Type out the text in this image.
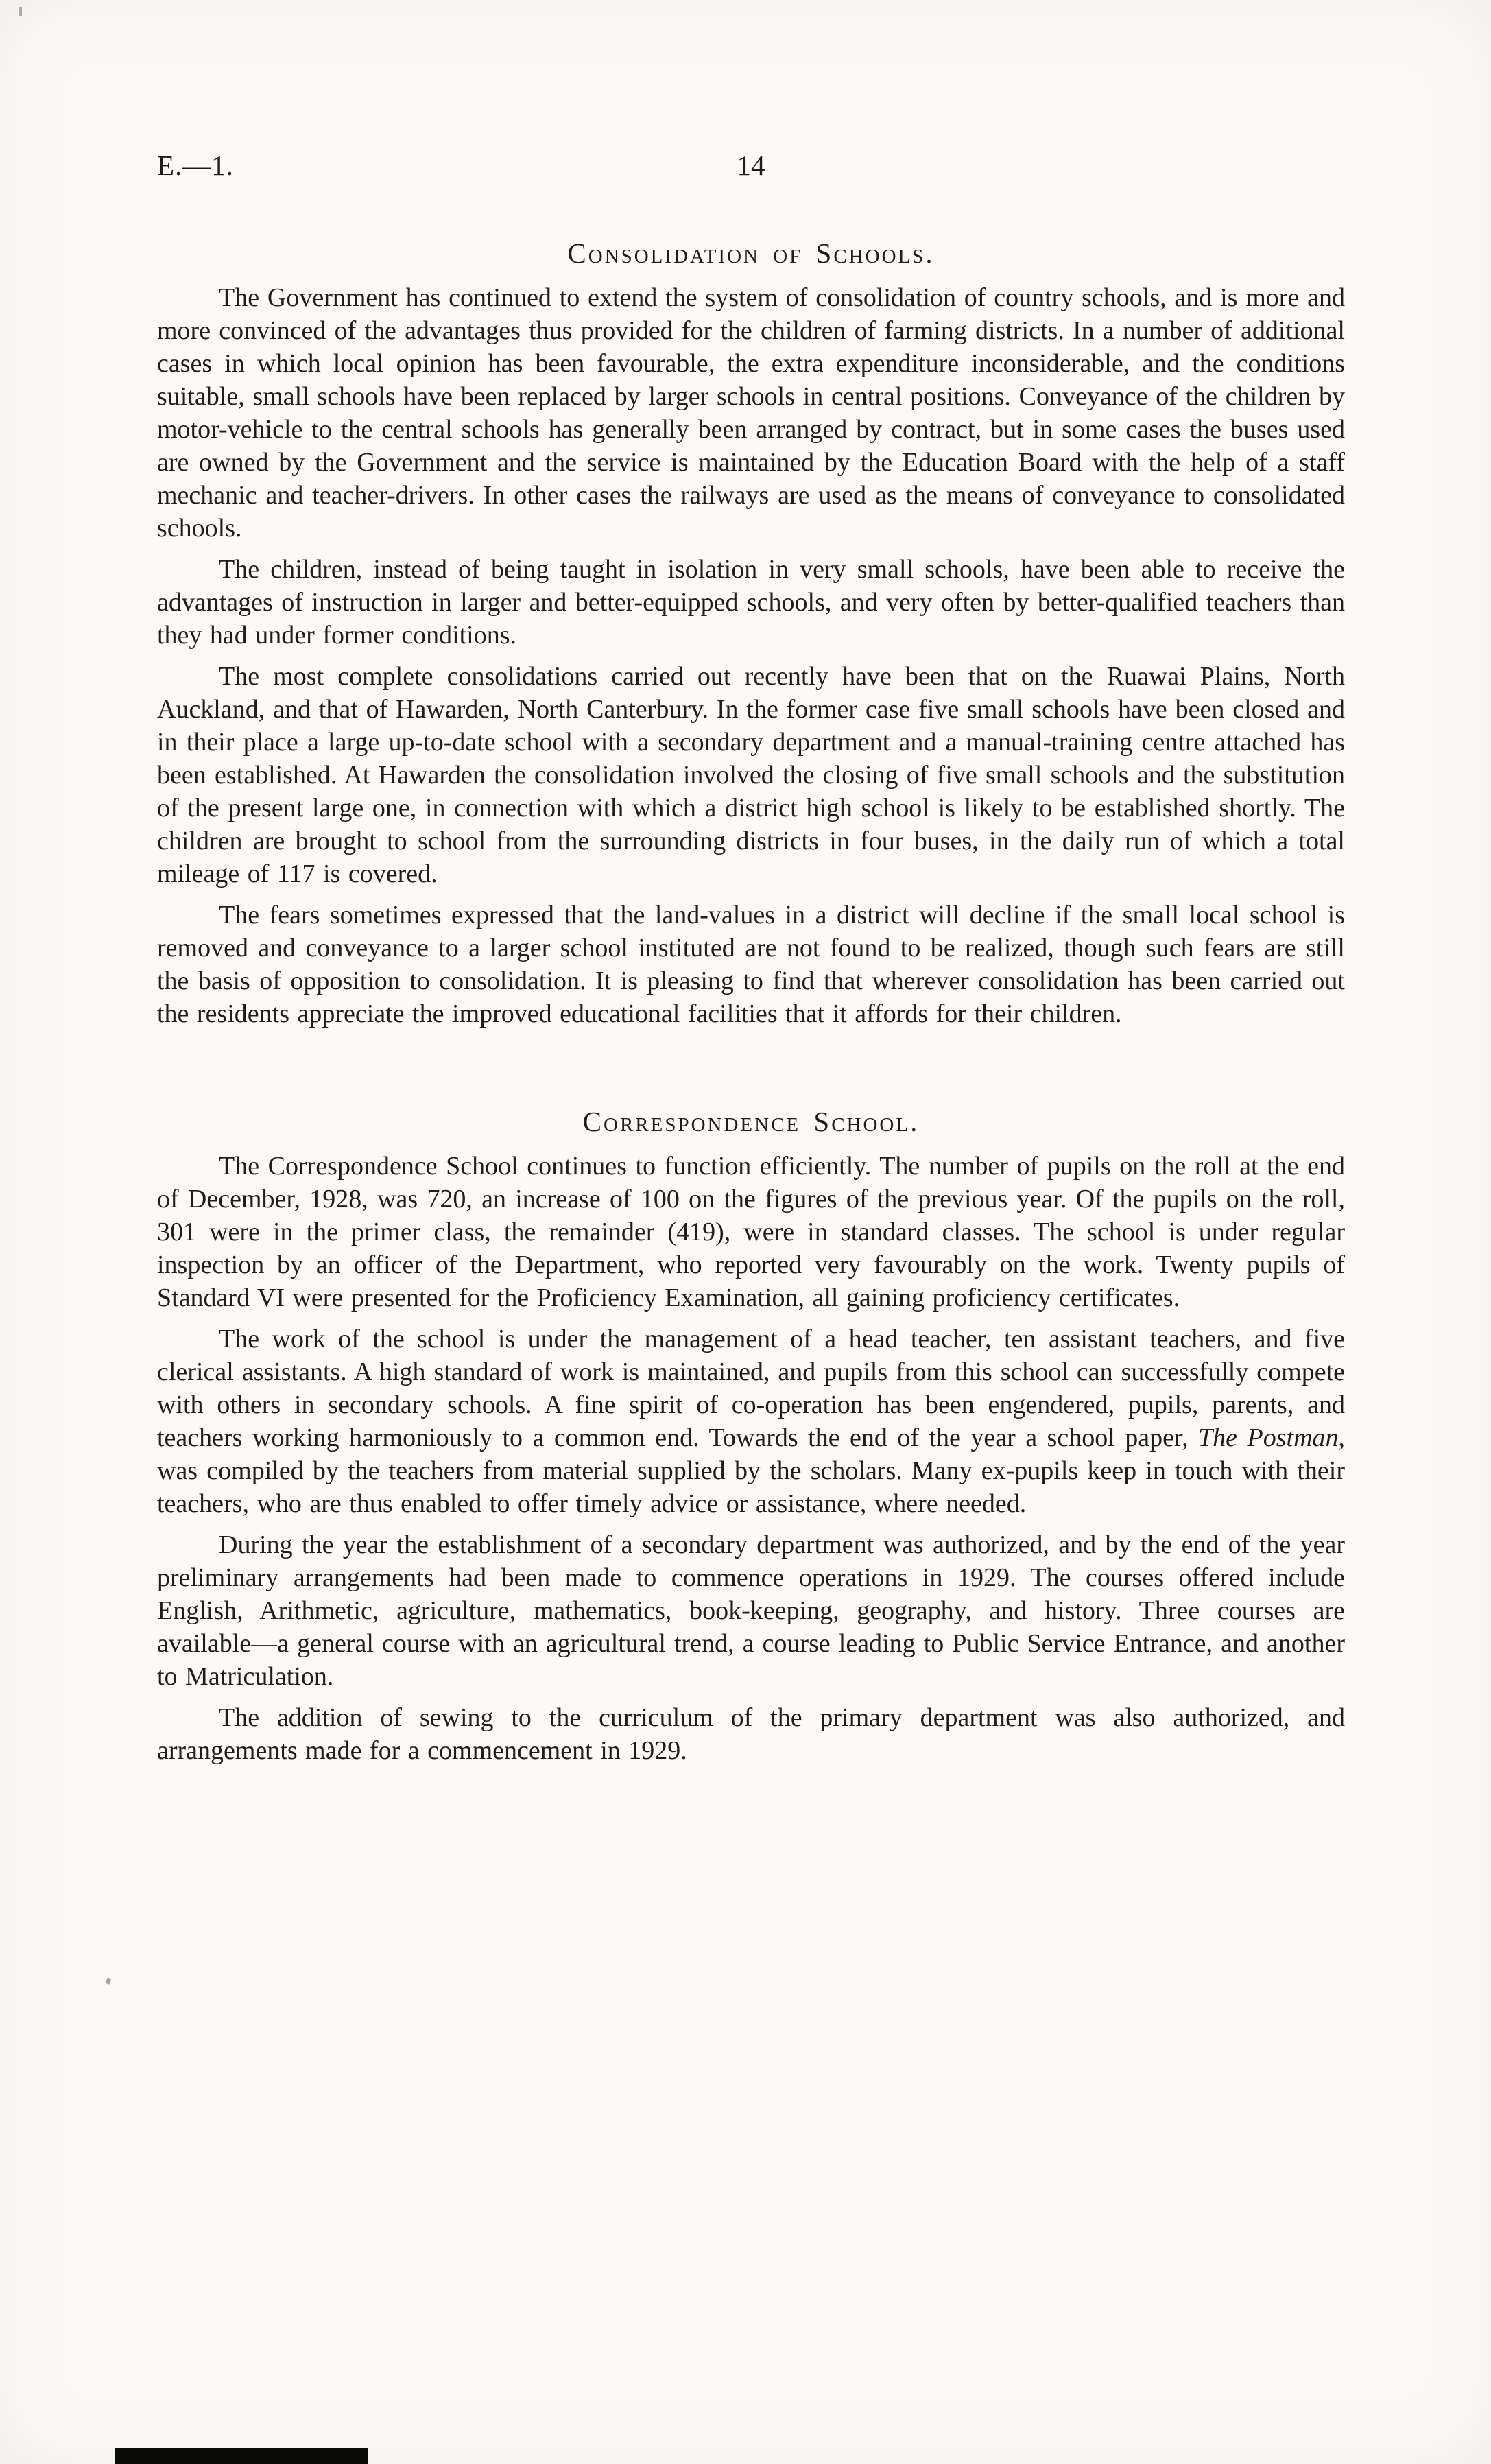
E.—1.	14
Consolidation of Schools.

The Government has continued to extend the system of consolidation of country schools, and is more and more convinced of the advantages thus provided for the children of farming districts. In a number of additional cases in which local opinion has been favourable, the extra expenditure inconsiderable, and the conditions suitable, small schools have been replaced by larger schools in central positions. Conveyance of the children by motor-vehicle to the central schools has generally been arranged by contract, but in some cases the buses used are owned by the Government and the service is maintained by the Education Board with the help of a staff mechanic and teacher-drivers. In other cases the railways are used as the means of conveyance to consolidated schools.

The children, instead of being taught in isolation in very small schools, have been able to receive the advantages of instruction in larger and better-equipped schools, and very often by better-qualified teachers than they had under former conditions.

The most complete consolidations carried out recently have been that on the Ruawai Plains, North Auckland, and that of Hawarden, North Canterbury. In the former case five small schools have been closed and in their place a large up-to-date school with a secondary department and a manual-training centre attached has been established. At Hawarden the consolidation involved the closing of five small schools and the substitution of the present large one, in connection with which a district high school is likely to be established shortly. The children are brought to school from the surrounding districts in four buses, in the daily run of which a total mileage of 117 is covered.

The fears sometimes expressed that the land-values in a district will decline if the small local school is removed and conveyance to a larger school instituted are not found to be realized, though such fears are still the basis of opposition to consolidation. It is pleasing to find that wherever consolidation has been carried out the residents appreciate the improved educational facilities that it affords for their children.

Correspondence School.

The Correspondence School continues to function efficiently. The number of pupils on the roll at the end of December, 1928, was 720, an increase of 100 on the figures of the previous year. Of the pupils on the roll, 301 were in the primer class, the remainder (419), were in standard classes. The school is under regular inspection by an officer of the Department, who reported very favourably on the work. Twenty pupils of Standard VI were presented for the Proficiency Examination, all gaining proficiency certificates.

The work of the school is under the management of a head teacher, ten assistant teachers, and five clerical assistants. A high standard of work is maintained, and pupils from this school can successfully compete with others in secondary schools. A fine spirit of co-operation has been engendered, pupils, parents, and teachers working harmoniously to a common end. Towards the end of the year a school paper, The Postman, was compiled by the teachers from material supplied by the scholars. Many ex-pupils keep in touch with their teachers, who are thus enabled to offer timely advice or assistance, where needed.

During the year the establishment of a secondary department was authorized, and by the end of the year preliminary arrangements had been made to commence operations in 1929. The courses offered include English, Arithmetic, agriculture, mathematics, book-keeping, geography, and history. Three courses are available—a general course with an agricultural trend, a course leading to Public Service Entrance, and another to Matriculation.

The addition of sewing to the curriculum of the primary department was also authorized, and arrangements made for a commencement in 1929.
